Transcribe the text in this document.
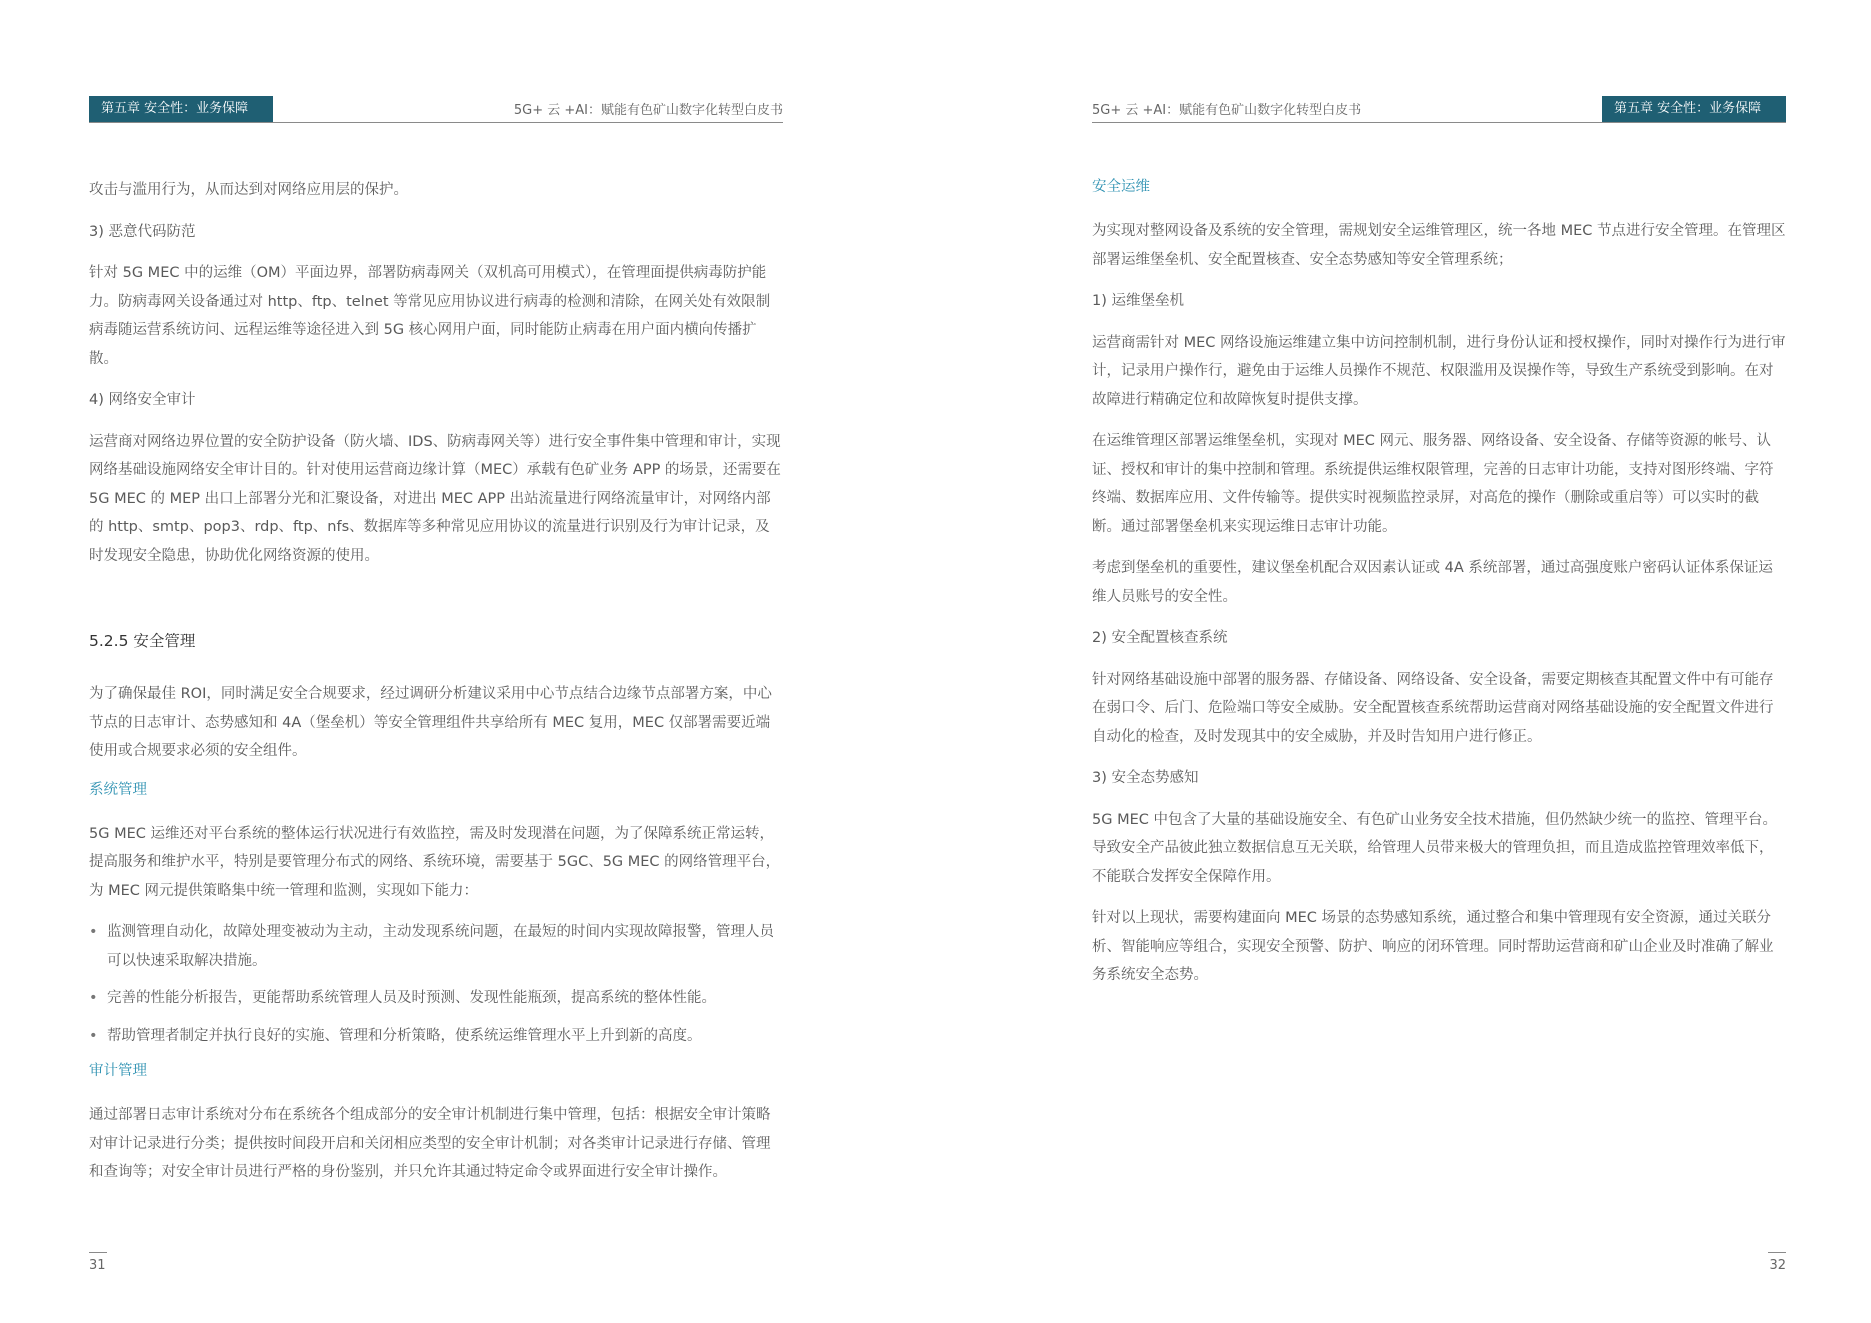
第五章 安全性：业务保障	5G+ 云 +AI：赋能有色矿山数字化转型白皮书

攻击与滥用行为，从而达到对网络应用层的保护。

3) 恶意代码防范

针对 5G MEC 中的运维（OM）平面边界，部署防病毒网关（双机高可用模式），在管理面提供病毒防护能力。防病毒网关设备通过对 http、ftp、telnet 等常见应用协议进行病毒的检测和清除，在网关处有效限制病毒随运营系统访问、远程运维等途径进入到 5G 核心网用户面，同时能防止病毒在用户面内横向传播扩散。

4) 网络安全审计

运营商对网络边界位置的安全防护设备（防火墙、IDS、防病毒网关等）进行安全事件集中管理和审计，实现网络基础设施网络安全审计目的。针对使用运营商边缘计算（MEC）承载有色矿业务 APP 的场景，还需要在 5G MEC 的 MEP 出口上部署分光和汇聚设备，对进出 MEC APP 出站流量进行网络流量审计，对网络内部的 http、smtp、pop3、rdp、ftp、nfs、数据库等多种常见应用协议的流量进行识别及行为审计记录，及时发现安全隐患，协助优化网络资源的使用。

5.2.5 安全管理

为了确保最佳 ROI，同时满足安全合规要求，经过调研分析建议采用中心节点结合边缘节点部署方案，中心节点的日志审计、态势感知和 4A（堡垒机）等安全管理组件共享给所有 MEC 复用，MEC 仅部署需要近端使用或合规要求必须的安全组件。

系统管理

5G MEC 运维还对平台系统的整体运行状况进行有效监控，需及时发现潜在问题，为了保障系统正常运转，提高服务和维护水平，特别是要管理分布式的网络、系统环境，需要基于 5GC、5G MEC 的网络管理平台，为 MEC 网元提供策略集中统一管理和监测，实现如下能力：

• 监测管理自动化，故障处理变被动为主动，主动发现系统问题，在最短的时间内实现故障报警，管理人员可以快速采取解决措施。
• 完善的性能分析报告，更能帮助系统管理人员及时预测、发现性能瓶颈，提高系统的整体性能。
• 帮助管理者制定并执行良好的实施、管理和分析策略，使系统运维管理水平上升到新的高度。
审计管理

通过部署日志审计系统对分布在系统各个组成部分的安全审计机制进行集中管理，包括：根据安全审计策略对审计记录进行分类；提供按时间段开启和关闭相应类型的安全审计机制；对各类审计记录进行存储、管理和查询等；对安全审计员进行严格的身份鉴别，并只允许其通过特定命令或界面进行安全审计操作。

31
5G+ 云 +AI：赋能有色矿山数字化转型白皮书	第五章 安全性：业务保障
安全运维

为实现对整网设备及系统的安全管理，需规划安全运维管理区，统一各地 MEC 节点进行安全管理。在管理区部署运维堡垒机、安全配置核查、安全态势感知等安全管理系统；

1) 运维堡垒机

运营商需针对 MEC 网络设施运维建立集中访问控制机制，进行身份认证和授权操作，同时对操作行为进行审计，记录用户操作行，避免由于运维人员操作不规范、权限滥用及误操作等，导致生产系统受到影响。在对故障进行精确定位和故障恢复时提供支撑。

在运维管理区部署运维堡垒机，实现对 MEC 网元、服务器、网络设备、安全设备、存储等资源的帐号、认证、授权和审计的集中控制和管理。系统提供运维权限管理，完善的日志审计功能，支持对图形终端、字符终端、数据库应用、文件传输等。提供实时视频监控录屏，对高危的操作（删除或重启等）可以实时的截断。通过部署堡垒机来实现运维日志审计功能。

考虑到堡垒机的重要性，建议堡垒机配合双因素认证或 4A 系统部署，通过高强度账户密码认证体系保证运维人员账号的安全性。

2) 安全配置核查系统

针对网络基础设施中部署的服务器、存储设备、网络设备、安全设备，需要定期核查其配置文件中有可能存在弱口令、后门、危险端口等安全威胁。安全配置核查系统帮助运营商对网络基础设施的安全配置文件进行自动化的检查，及时发现其中的安全威胁，并及时告知用户进行修正。

3) 安全态势感知

5G MEC 中包含了大量的基础设施安全、有色矿山业务安全技术措施，但仍然缺少统一的监控、管理平台。导致安全产品彼此独立数据信息互无关联，给管理人员带来极大的管理负担，而且造成监控管理效率低下，不能联合发挥安全保障作用。

针对以上现状，需要构建面向 MEC 场景的态势感知系统，通过整合和集中管理现有安全资源，通过关联分析、智能响应等组合，实现安全预警、防护、响应的闭环管理。同时帮助运营商和矿山企业及时准确了解业务系统安全态势。

32
